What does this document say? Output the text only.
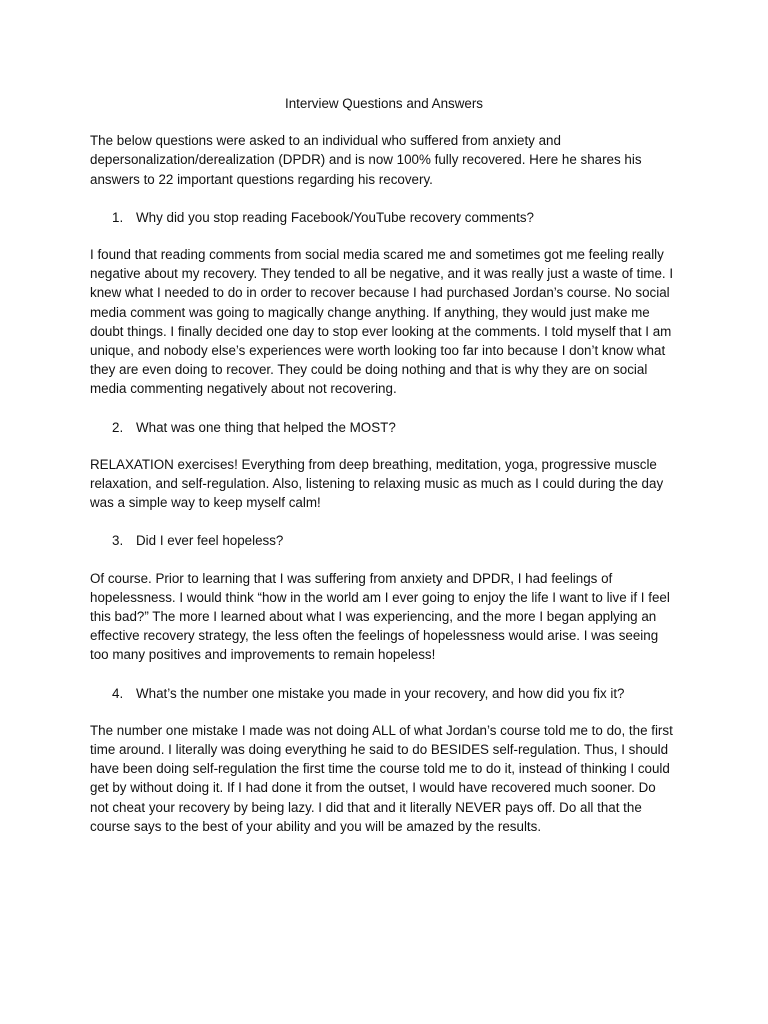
Interview Questions and Answers

The below questions were asked to an individual who suffered from anxiety and depersonalization/derealization (DPDR) and is now 100% fully recovered. Here he shares his answers to 22 important questions regarding his recovery.

1. Why did you stop reading Facebook/YouTube recovery comments?

I found that reading comments from social media scared me and sometimes got me feeling really negative about my recovery. They tended to all be negative, and it was really just a waste of time. I knew what I needed to do in order to recover because I had purchased Jordan’s course. No social media comment was going to magically change anything. If anything, they would just make me doubt things. I finally decided one day to stop ever looking at the comments. I told myself that I am unique, and nobody else’s experiences were worth looking too far into because I don’t know what they are even doing to recover. They could be doing nothing and that is why they are on social media commenting negatively about not recovering.

2. What was one thing that helped the MOST?

RELAXATION exercises! Everything from deep breathing, meditation, yoga, progressive muscle relaxation, and self-regulation. Also, listening to relaxing music as much as I could during the day was a simple way to keep myself calm!

3. Did I ever feel hopeless?

Of course. Prior to learning that I was suffering from anxiety and DPDR, I had feelings of hopelessness. I would think “how in the world am I ever going to enjoy the life I want to live if I feel this bad?” The more I learned about what I was experiencing, and the more I began applying an effective recovery strategy, the less often the feelings of hopelessness would arise. I was seeing too many positives and improvements to remain hopeless!

4. What’s the number one mistake you made in your recovery, and how did you fix it?

The number one mistake I made was not doing ALL of what Jordan’s course told me to do, the first time around. I literally was doing everything he said to do BESIDES self-regulation. Thus, I should have been doing self-regulation the first time the course told me to do it, instead of thinking I could get by without doing it. If I had done it from the outset, I would have recovered much sooner. Do not cheat your recovery by being lazy. I did that and it literally NEVER pays off. Do all that the course says to the best of your ability and you will be amazed by the results.
